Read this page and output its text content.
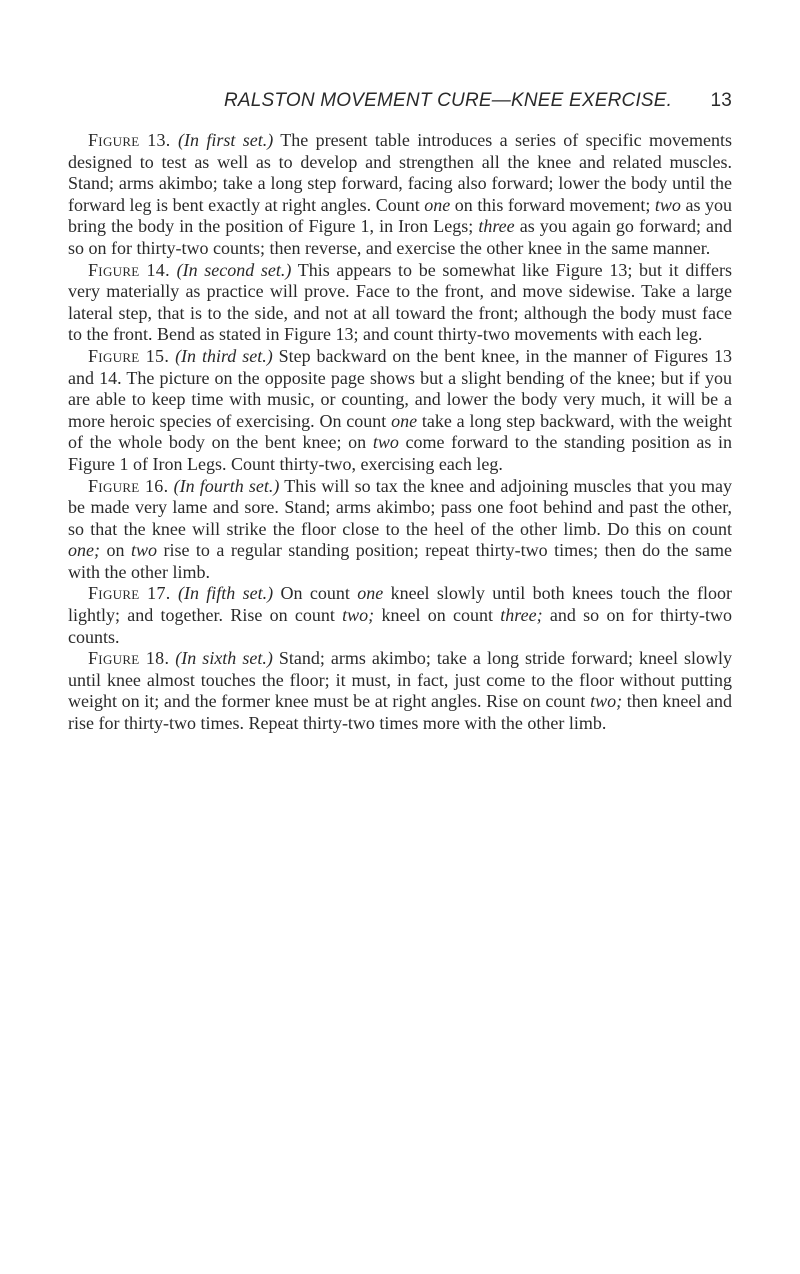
RALSTON MOVEMENT CURE—KNEE EXERCISE. 13

Figure 13. (In first set.) The present table introduces a series of specific movements designed to test as well as to develop and strengthen all the knee and related muscles. Stand; arms akimbo; take a long step forward, facing also forward; lower the body until the forward leg is bent exactly at right angles. Count one on this forward movement; two as you bring the body in the position of Figure 1, in Iron Legs; three as you again go forward; and so on for thirty-two counts; then reverse, and exercise the other knee in the same manner.

Figure 14. (In second set.) This appears to be somewhat like Figure 13; but it differs very materially as practice will prove. Face to the front, and move sidewise. Take a large lateral step, that is to the side, and not at all toward the front; although the body must face to the front. Bend as stated in Figure 13; and count thirty-two movements with each leg.

Figure 15. (In third set.) Step backward on the bent knee, in the manner of Figures 13 and 14. The picture on the opposite page shows but a slight bending of the knee; but if you are able to keep time with music, or counting, and lower the body very much, it will be a more heroic species of exercising. On count one take a long step backward, with the weight of the whole body on the bent knee; on two come forward to the standing position as in Figure 1 of Iron Legs. Count thirty-two, exercising each leg.

Figure 16. (In fourth set.) This will so tax the knee and adjoining muscles that you may be made very lame and sore. Stand; arms akimbo; pass one foot behind and past the other, so that the knee will strike the floor close to the heel of the other limb. Do this on count one; on two rise to a regular standing position; repeat thirty-two times; then do the same with the other limb.

Figure 17. (In fifth set.) On count one kneel slowly until both knees touch the floor lightly; and together. Rise on count two; kneel on count three; and so on for thirty-two counts.

Figure 18. (In sixth set.) Stand; arms akimbo; take a long stride forward; kneel slowly until knee almost touches the floor; it must, in fact, just come to the floor without putting weight on it; and the former knee must be at right angles. Rise on count two; then kneel and rise for thirty-two times. Repeat thirty-two times more with the other limb.
